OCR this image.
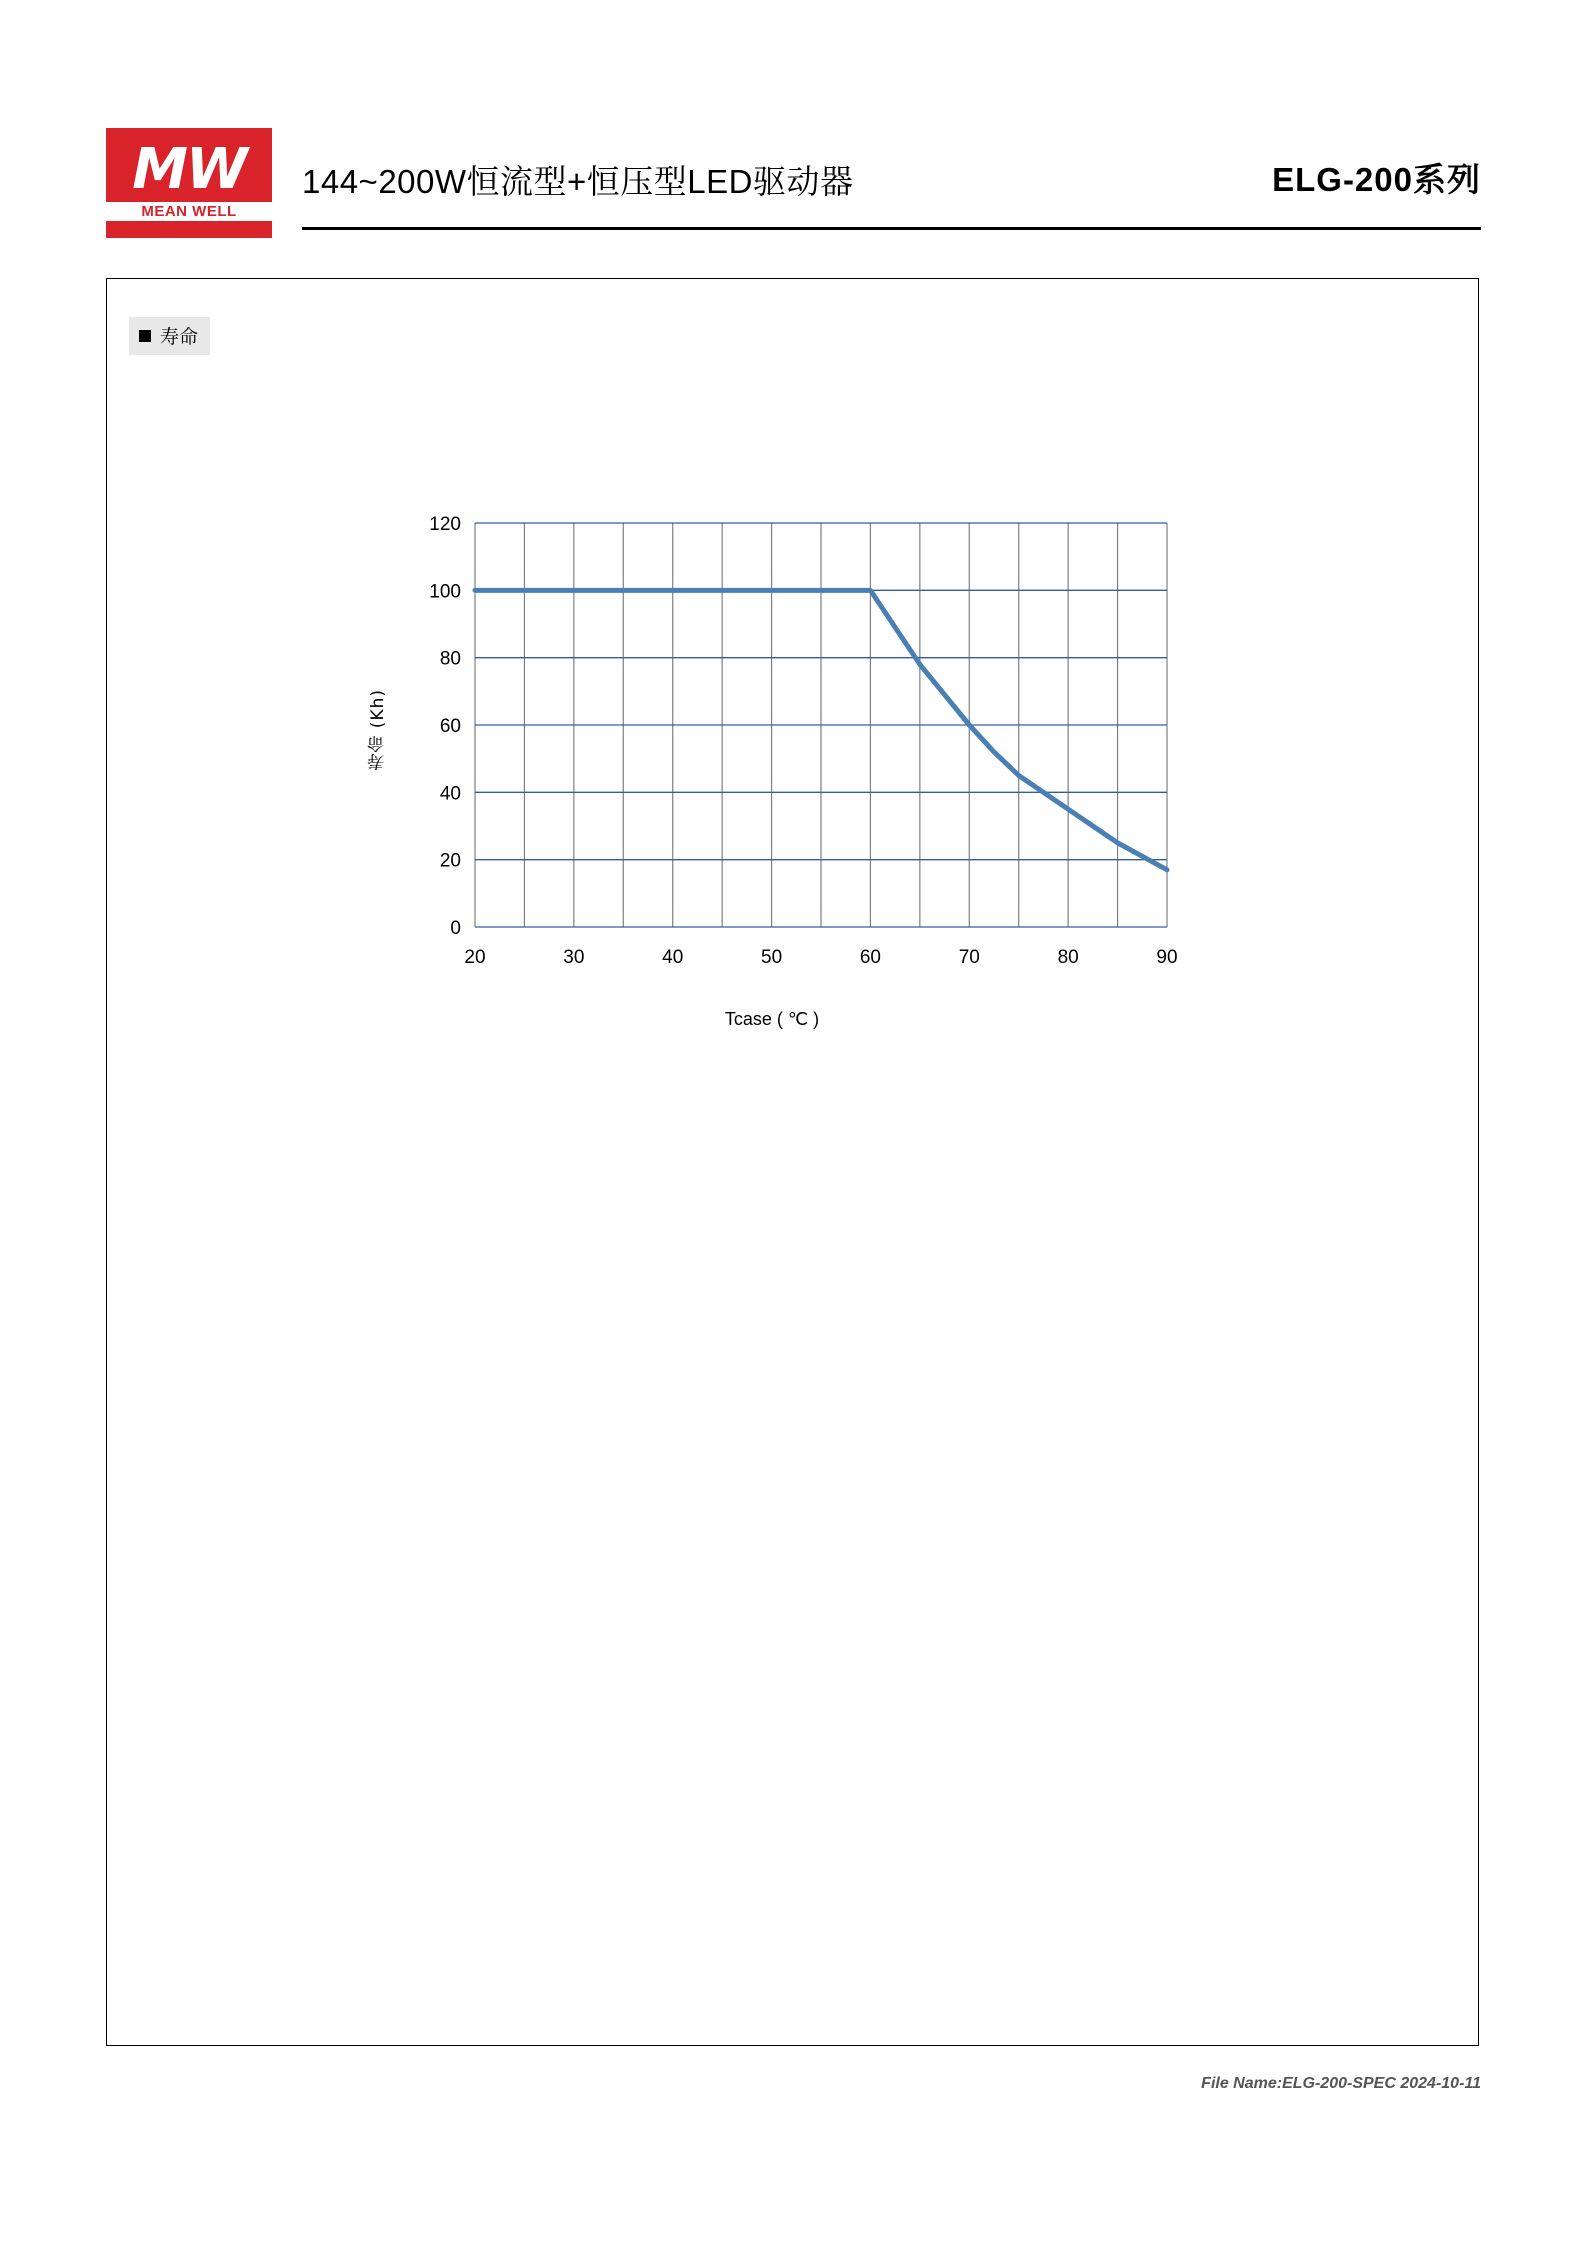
MW
MEAN WELL
144~200W恒流型+恒压型LED驱动器	ELG-200系列
寿命
寿命 (Kh)
Tcase ( ℃ )
0
20
40
60
80
100
120
20	30	40	50	60	70	80	90
File Name:ELG-200-SPEC 2024-10-11
